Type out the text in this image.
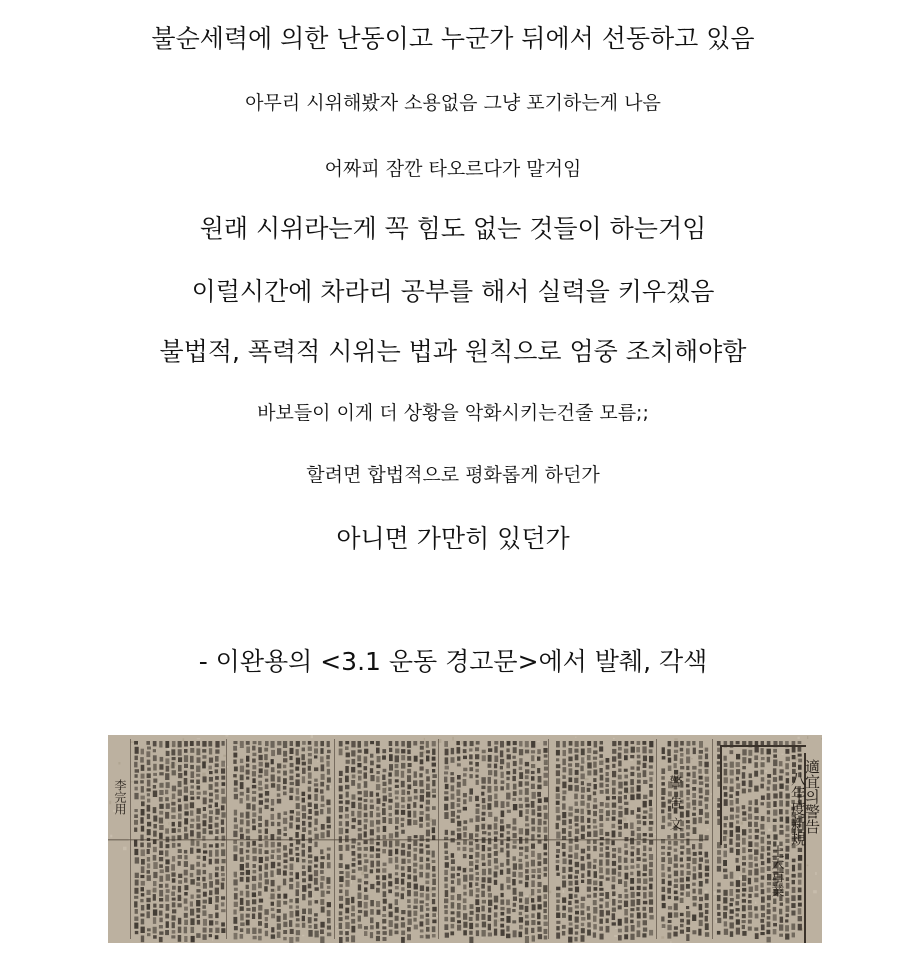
불순세력에 의한 난동이고 누군가 뒤에서 선동하고 있음
아무리 시위해봤자 소용없음 그냥 포기하는게 나음
어짜피 잠깐 타오르다가 말거임
원래 시위라는게 꼭 힘도 없는 것들이 하는거임
이럴시간에 차라리 공부를 해서 실력을 키우겠음
불법적, 폭력적 시위는 법과 원칙으로 엄중 조치해야함
바보들이 이게 더 상황을 악화시키는건줄 모름;;
할려면 합법적으로 평화롭게 하던가
아니면 가만히 있던가
- 이완용의 <3.1 운동 경고문>에서 발췌, 각색
八年度新規
土木事業
適宜의警告
警告文
李完用
